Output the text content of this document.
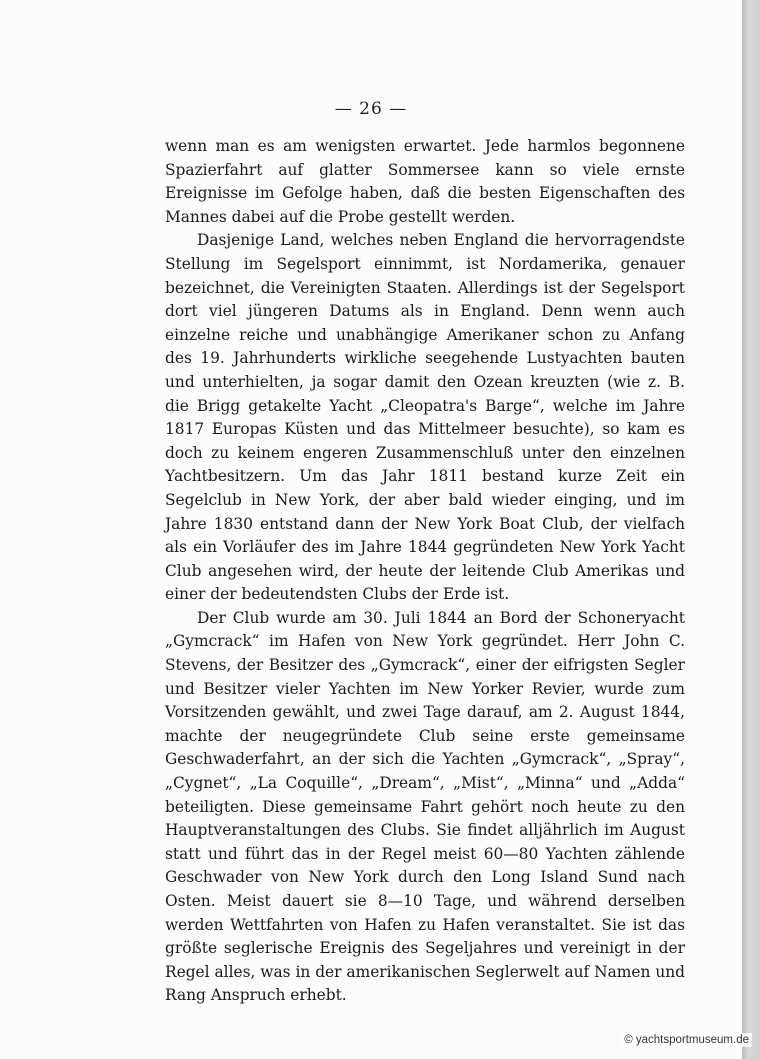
— 26 —

wenn man es am wenigsten erwartet. Jede harmlos begonnene Spazierfahrt auf glatter Sommersee kann so viele ernste Ereignisse im Gefolge haben, daß die besten Eigenschaften des Mannes dabei auf die Probe gestellt werden.

Dasjenige Land, welches neben England die hervorragendste Stellung im Segelsport einnimmt, ist Nordamerika, genauer bezeichnet, die Vereinigten Staaten. Allerdings ist der Segelsport dort viel jüngeren Datums als in England. Denn wenn auch einzelne reiche und unabhängige Amerikaner schon zu Anfang des 19. Jahrhunderts wirkliche seegehende Lustyachten bauten und unterhielten, ja sogar damit den Ozean kreuzten (wie z. B. die Brigg getakelte Yacht „Cleopatra's Barge“, welche im Jahre 1817 Europas Küsten und das Mittelmeer besuchte), so kam es doch zu keinem engeren Zusammenschluß unter den einzelnen Yachtbesitzern. Um das Jahr 1811 bestand kurze Zeit ein Segelclub in New York, der aber bald wieder einging, und im Jahre 1830 entstand dann der New York Boat Club, der vielfach als ein Vorläufer des im Jahre 1844 gegründeten New York Yacht Club angesehen wird, der heute der leitende Club Amerikas und einer der bedeutendsten Clubs der Erde ist.

Der Club wurde am 30. Juli 1844 an Bord der Schoneryacht „Gymcrack“ im Hafen von New York gegründet. Herr John C. Stevens, der Besitzer des „Gymcrack“, einer der eifrigsten Segler und Besitzer vieler Yachten im New Yorker Revier, wurde zum Vorsitzenden gewählt, und zwei Tage darauf, am 2. August 1844, machte der neugegründete Club seine erste gemeinsame Geschwaderfahrt, an der sich die Yachten „Gymcrack“, „Spray“, „Cygnet“, „La Coquille“, „Dream“, „Mist“, „Minna“ und „Adda“ beteiligten. Diese gemeinsame Fahrt gehört noch heute zu den Hauptveranstaltungen des Clubs. Sie findet alljährlich im August statt und führt das in der Regel meist 60—80 Yachten zählende Geschwader von New York durch den Long Island Sund nach Osten. Meist dauert sie 8—10 Tage, und während derselben werden Wettfahrten von Hafen zu Hafen veranstaltet. Sie ist das größte seglerische Ereignis des Segeljahres und vereinigt in der Regel alles, was in der amerikanischen Seglerwelt auf Namen und Rang Anspruch erhebt.

© yachtsportmuseum.de
